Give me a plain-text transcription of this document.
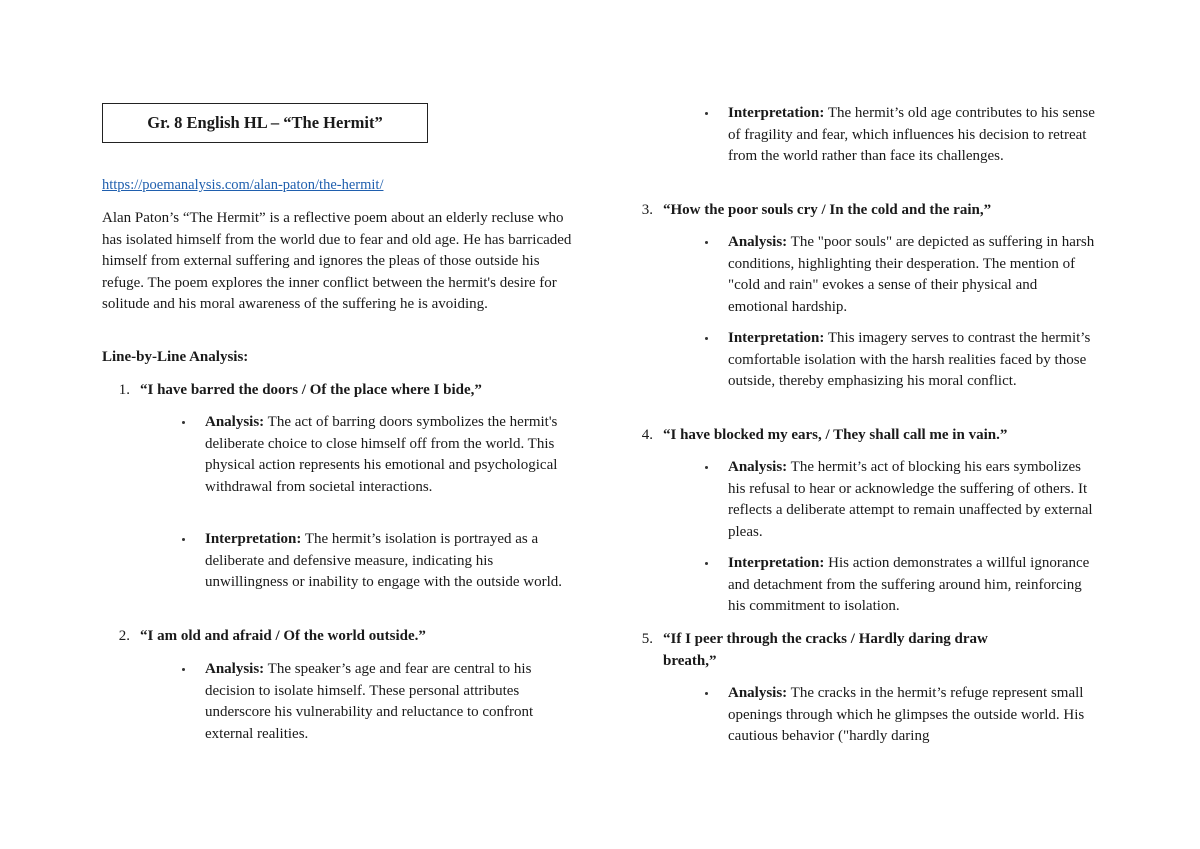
Gr. 8 English HL – “The Hermit”
https://poemanalysis.com/alan-paton/the-hermit/

Alan Paton’s “The Hermit” is a reflective poem about an elderly recluse who has isolated himself from the world due to fear and old age. He has barricaded himself from external suffering and ignores the pleas of those outside his refuge. The poem explores the inner conflict between the hermit's desire for solitude and his moral awareness of the suffering he is avoiding.

Line-by-Line Analysis:

1. “I have barred the doors / Of the place where I bide,”
Analysis: The act of barring doors symbolizes the hermit's deliberate choice to close himself off from the world. This physical action represents his emotional and psychological withdrawal from societal interactions.
Interpretation: The hermit’s isolation is portrayed as a deliberate and defensive measure, indicating his unwillingness or inability to engage with the outside world.
2. “I am old and afraid / Of the world outside.”
Analysis: The speaker’s age and fear are central to his decision to isolate himself. These personal attributes underscore his vulnerability and reluctance to confront external realities.
Interpretation: The hermit’s old age contributes to his sense of fragility and fear, which influences his decision to retreat from the world rather than face its challenges.
3. “How the poor souls cry / In the cold and the rain,”
Analysis: The "poor souls" are depicted as suffering in harsh conditions, highlighting their desperation. The mention of "cold and rain" evokes a sense of their physical and emotional hardship.
Interpretation: This imagery serves to contrast the hermit’s comfortable isolation with the harsh realities faced by those outside, thereby emphasizing his moral conflict.
4. “I have blocked my ears, / They shall call me in vain.”
Analysis: The hermit’s act of blocking his ears symbolizes his refusal to hear or acknowledge the suffering of others. It reflects a deliberate attempt to remain unaffected by external pleas.
Interpretation: His action demonstrates a willful ignorance and detachment from the suffering around him, reinforcing his commitment to isolation.
5. “If I peer through the cracks / Hardly daring draw breath,”
Analysis: The cracks in the hermit’s refuge represent small openings through which he glimpses the outside world. His cautious behavior ("hardly daring
